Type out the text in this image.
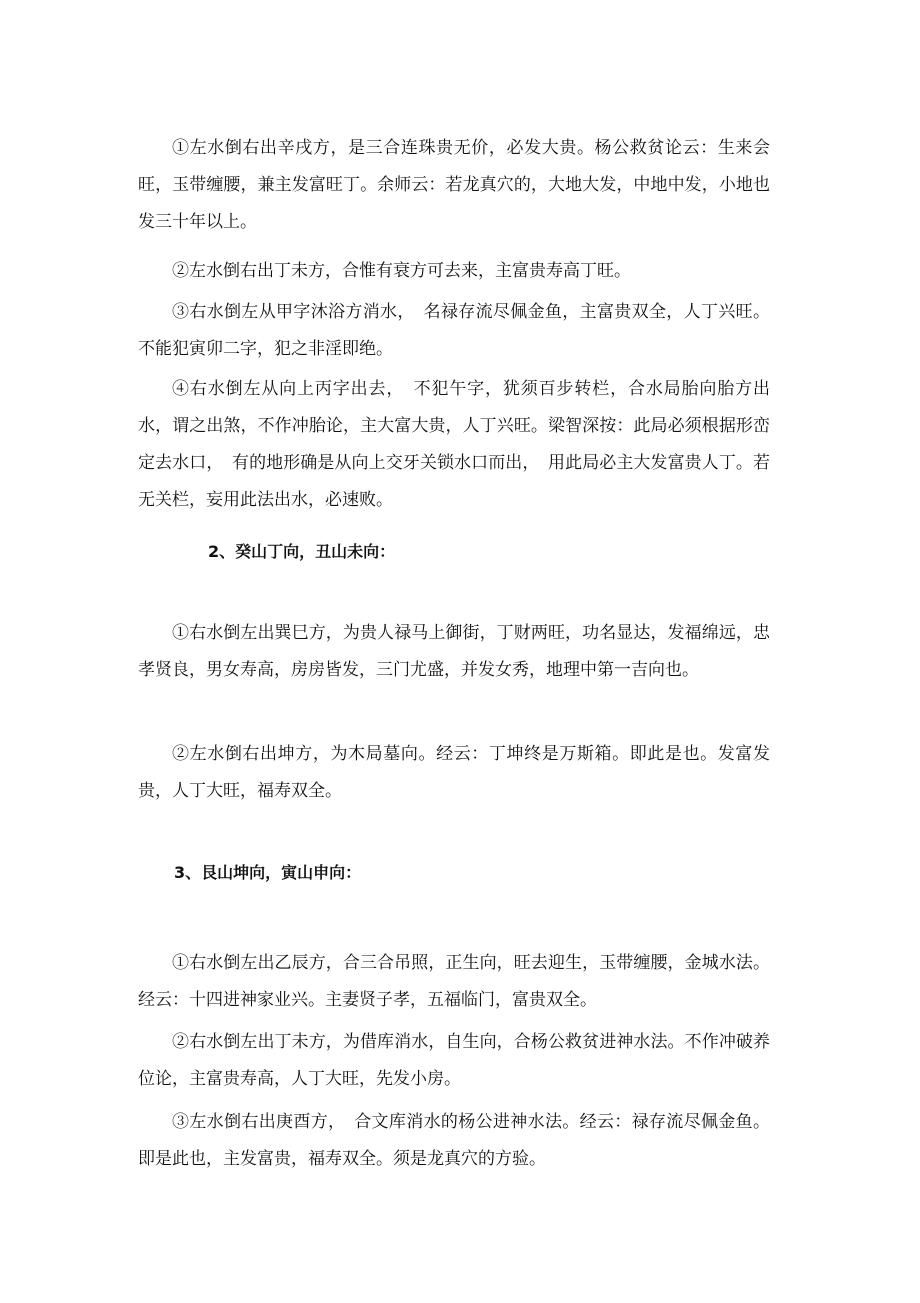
①左水倒右出辛戌方，是三合连珠贵无价，必发大贵。杨公救贫论云：生来会旺，玉带缠腰，兼主发富旺丁。余师云：若龙真穴的，大地大发，中地中发，小地也发三十年以上。

②左水倒右出丁未方，合惟有衰方可去来，主富贵寿高丁旺。

③右水倒左从甲字沐浴方消水，　名禄存流尽佩金鱼，主富贵双全，人丁兴旺。不能犯寅卯二字，犯之非淫即绝。

④右水倒左从向上丙字出去，　不犯午字，犹须百步转栏，合水局胎向胎方出水，谓之出煞，不作冲胎论，主大富大贵，人丁兴旺。梁智深按：此局必须根据形峦定去水口，　有的地形确是从向上交牙关锁水口而出，　用此局必主大发富贵人丁。若无关栏，妄用此法出水，必速败。

2、癸山丁向，丑山未向：

①右水倒左出巽巳方，为贵人禄马上御街，丁财两旺，功名显达，发福绵远，忠孝贤良，男女寿高，房房皆发，三门尤盛，并发女秀，地理中第一吉向也。

②左水倒右出坤方，为木局墓向。经云：丁坤终是万斯箱。即此是也。发富发贵，人丁大旺，福寿双全。

3、艮山坤向，寅山申向：

①右水倒左出乙辰方，合三合吊照，正生向，旺去迎生，玉带缠腰，金城水法。经云：十四进神家业兴。主妻贤子孝，五福临门，富贵双全。

②右水倒左出丁未方，为借库消水，自生向，合杨公救贫进神水法。不作冲破养位论，主富贵寿高，人丁大旺，先发小房。

③左水倒右出庚酉方，　合文库消水的杨公进神水法。经云：禄存流尽佩金鱼。即是此也，主发富贵，福寿双全。须是龙真穴的方验。
